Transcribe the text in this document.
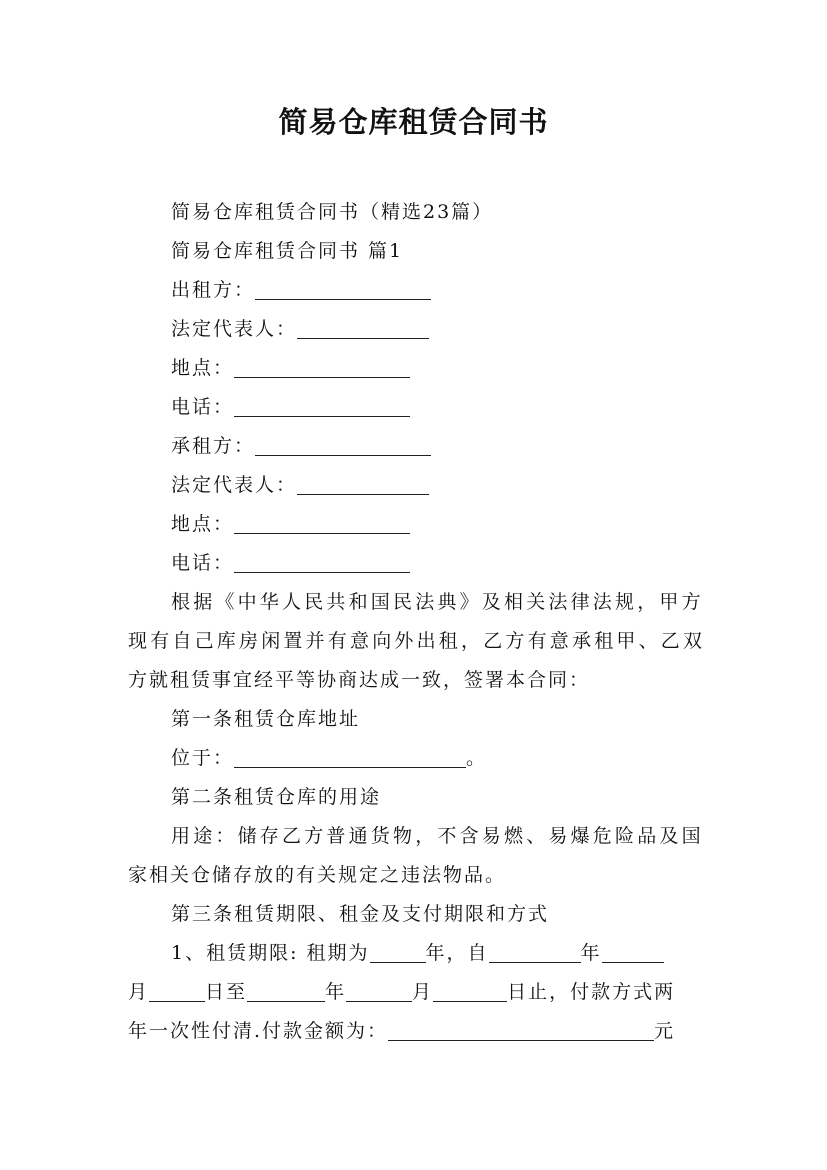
简易仓库租赁合同书
简易仓库租赁合同书（精选23篇）
简易仓库租赁合同书 篇1
出租方：
法定代表人：
地点：
电话：
承租方：
法定代表人：
地点：
电话：
根据《中华人民共和国民法典》及相关法律法规，甲方
现有自己库房闲置并有意向外出租，乙方有意承租甲、乙双
方就租赁事宜经平等协商达成一致，签署本合同：
第一条租赁仓库地址
位于：	。
第二条租赁仓库的用途
用途：储存乙方普通货物，不含易燃、易爆危险品及国
家相关仓储存放的有关规定之违法物品。
第三条租赁期限、租金及支付期限和方式
1、租赁期限: 租期为	年，自	年
月	日至	年	月	日止，付款方式两
年一次性付清.付款金额为：	元
